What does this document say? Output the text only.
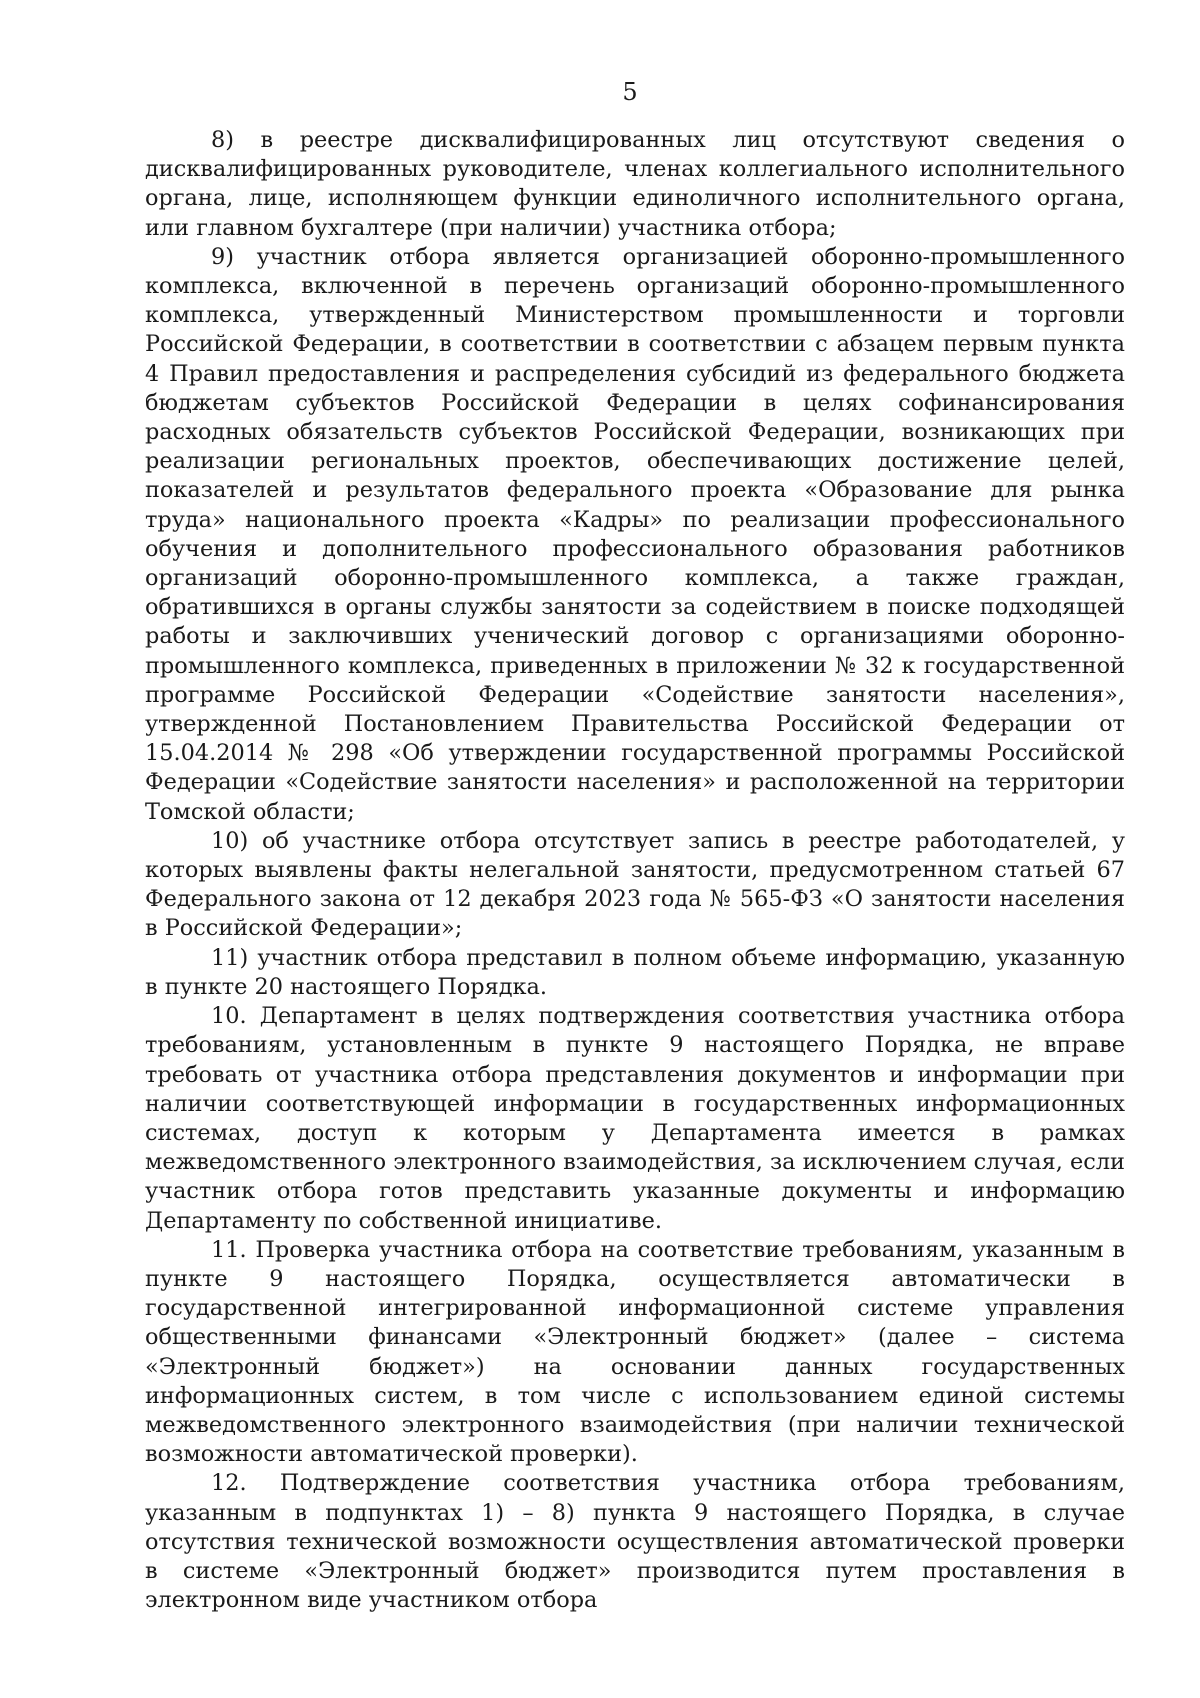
5

8) в реестре дисквалифицированных лиц отсутствуют сведения о дисквалифицированных руководителе, членах коллегиального исполнительного органа, лице, исполняющем функции единоличного исполнительного органа, или главном бухгалтере (при наличии) участника отбора;

9) участник отбора является организацией оборонно-промышленного комплекса, включенной в перечень организаций оборонно-промышленного комплекса, утвержденный Министерством промышленности и торговли Российской Федерации, в соответствии в соответствии с абзацем первым пункта 4 Правил предоставления и распределения субсидий из федерального бюджета бюджетам субъектов Российской Федерации в целях софинансирования расходных обязательств субъектов Российской Федерации, возникающих при реализации региональных проектов, обеспечивающих достижение целей, показателей и результатов федерального проекта «Образование для рынка труда» национального проекта «Кадры» по реализации профессионального обучения и дополнительного профессионального образования работников организаций оборонно-промышленного комплекса, а также граждан, обратившихся в органы службы занятости за содействием в поиске подходящей работы и заключивших ученический договор с организациями оборонно-промышленного комплекса, приведенных в приложении № 32 к государственной программе Российской Федерации «Содействие занятости населения», утвержденной Постановлением Правительства Российской Федерации от 15.04.2014 № 298 «Об утверждении государственной программы Российской Федерации «Содействие занятости населения» и расположенной на территории Томской области;

10) об участнике отбора отсутствует запись в реестре работодателей, у которых выявлены факты нелегальной занятости, предусмотренном статьей 67 Федерального закона от 12 декабря 2023 года № 565-ФЗ «О занятости населения в Российской Федерации»;

11) участник отбора представил в полном объеме информацию, указанную в пункте 20 настоящего Порядка.

10. Департамент в целях подтверждения соответствия участника отбора требованиям, установленным в пункте 9 настоящего Порядка, не вправе требовать от участника отбора представления документов и информации при наличии соответствующей информации в государственных информационных системах, доступ к которым у Департамента имеется в рамках межведомственного электронного взаимодействия, за исключением случая, если участник отбора готов представить указанные документы и информацию Департаменту по собственной инициативе.

11. Проверка участника отбора на соответствие требованиям, указанным в пункте 9 настоящего Порядка, осуществляется автоматически в государственной интегрированной информационной системе управления общественными финансами «Электронный бюджет» (далее – система «Электронный бюджет») на основании данных государственных информационных систем, в том числе с использованием единой системы межведомственного электронного взаимодействия (при наличии технической возможности автоматической проверки).

12. Подтверждение соответствия участника отбора требованиям, указанным в подпунктах 1) – 8) пункта 9 настоящего Порядка, в случае отсутствия технической возможности осуществления автоматической проверки в системе «Электронный бюджет» производится путем проставления в электронном виде участником отбора
